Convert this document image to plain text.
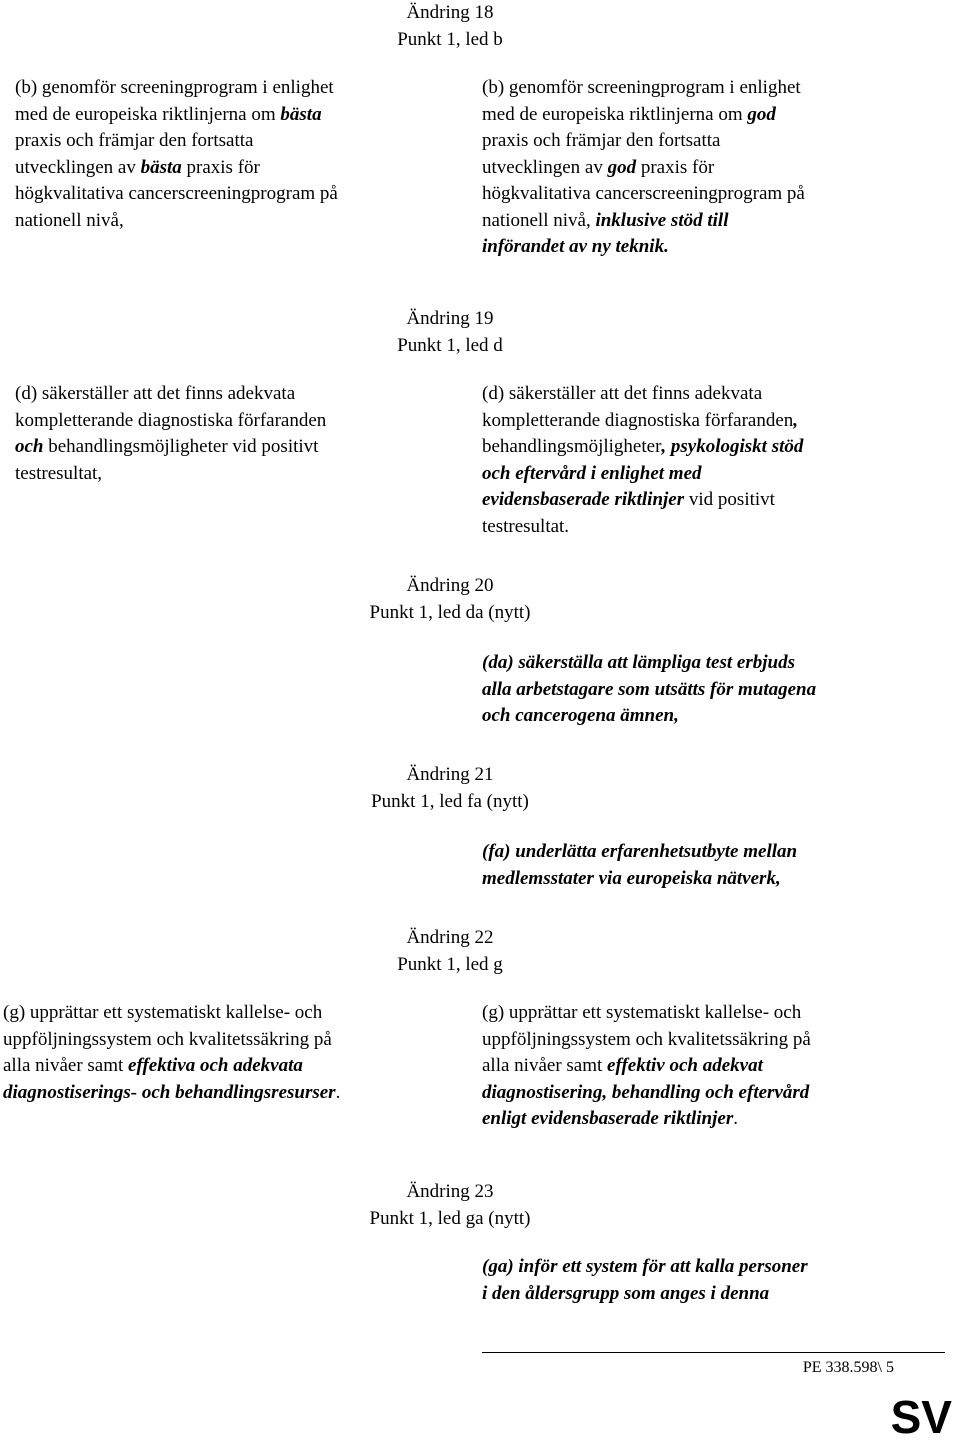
Ändring 18
Punkt 1, led b
(b) genomför screeningprogram i enlighet
med de europeiska riktlinjerna om bästa
praxis och främjar den fortsatta
utvecklingen av bästa praxis för
högkvalitativa cancerscreeningprogram på
nationell nivå,
(b) genomför screeningprogram i enlighet
med de europeiska riktlinjerna om god
praxis och främjar den fortsatta
utvecklingen av god praxis för
högkvalitativa cancerscreeningprogram på
nationell nivå, inklusive stöd till
införandet av ny teknik.
Ändring 19
Punkt 1, led d
(d) säkerställer att det finns adekvata
kompletterande diagnostiska förfaranden
och behandlingsmöjligheter vid positivt
testresultat,
(d) säkerställer att det finns adekvata
kompletterande diagnostiska förfaranden,
behandlingsmöjligheter, psykologiskt stöd
och eftervård i enlighet med
evidensbaserade riktlinjer vid positivt
testresultat.
Ändring 20
Punkt 1, led da (nytt)
(da) säkerställa att lämpliga test erbjuds
alla arbetstagare som utsätts för mutagena
och cancerogena ämnen,
Ändring 21
Punkt 1, led fa (nytt)
(fa) underlätta erfarenhetsutbyte mellan
medlemsstater via europeiska nätverk,
Ändring 22
Punkt 1, led g
(g) upprättar ett systematiskt kallelse- och
uppföljningssystem och kvalitetssäkring på
alla nivåer samt effektiva och adekvata
diagnostiserings- och behandlingsresurser.
(g) upprättar ett systematiskt kallelse- och
uppföljningssystem och kvalitetssäkring på
alla nivåer samt effektiv och adekvat
diagnostisering, behandling och eftervård
enligt evidensbaserade riktlinjer.
Ändring 23
Punkt 1, led ga (nytt)
(ga) inför ett system för att kalla personer
i den åldersgrupp som anges i denna
PE 338.598\ 5
SV
